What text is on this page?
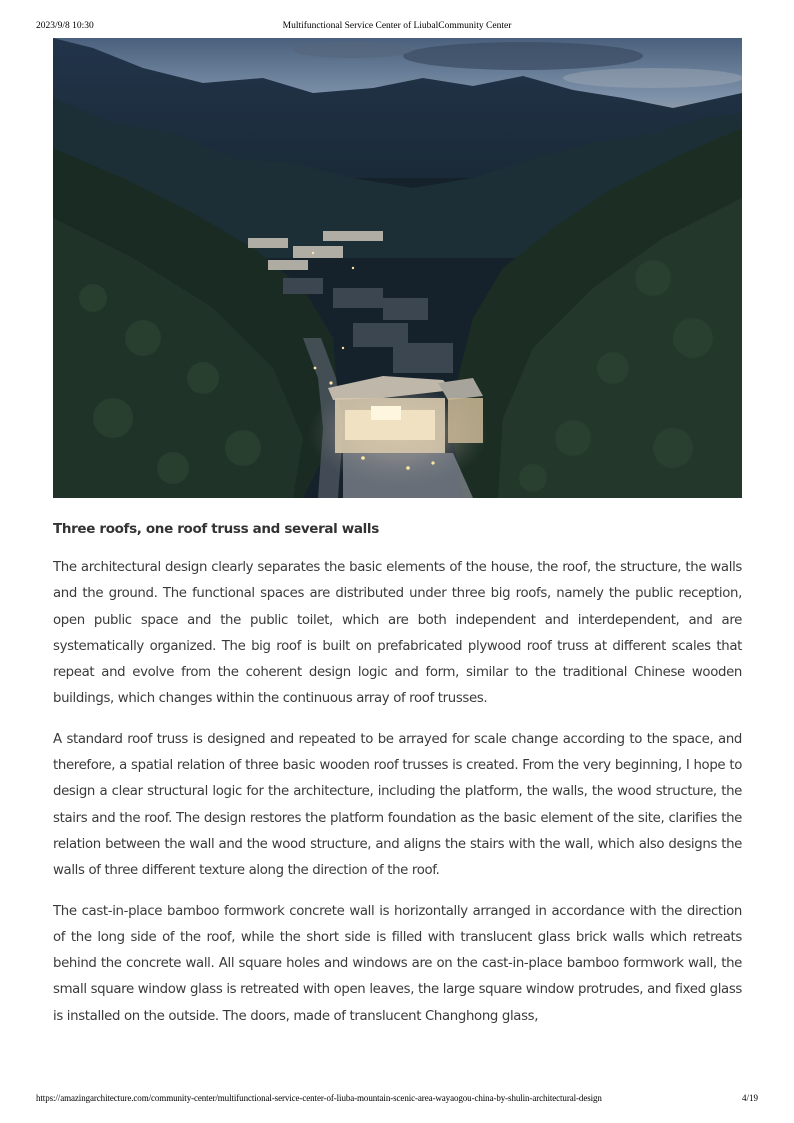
2023/9/8 10:30	Multifunctional Service Center of LiubalCommunity Center
Three roofs, one roof truss and several walls

The architectural design clearly separates the basic elements of the house, the roof, the structure, the walls and the ground. The functional spaces are distributed under three big roofs, namely the public reception, open public space and the public toilet, which are both independent and interdependent, and are systematically organized. The big roof is built on prefabricated plywood roof truss at different scales that repeat and evolve from the coherent design logic and form, similar to the traditional Chinese wooden buildings, which changes within the continuous array of roof trusses.

A standard roof truss is designed and repeated to be arrayed for scale change according to the space, and therefore, a spatial relation of three basic wooden roof trusses is created. From the very beginning, I hope to design a clear structural logic for the architecture, including the platform, the walls, the wood structure, the stairs and the roof. The design restores the platform foundation as the basic element of the site, clarifies the relation between the wall and the wood structure, and aligns the stairs with the wall, which also designs the walls of three different texture along the direction of the roof.

The cast-in-place bamboo formwork concrete wall is horizontally arranged in accordance with the direction of the long side of the roof, while the short side is filled with translucent glass brick walls which retreats behind the concrete wall. All square holes and windows are on the cast-in-place bamboo formwork wall, the small square window glass is retreated with open leaves, the large square window protrudes, and fixed glass is installed on the outside. The doors, made of translucent Changhong glass,

https://amazingarchitecture.com/community-center/multifunctional-service-center-of-liuba-mountain-scenic-area-wayaogou-china-by-shulin-architectural-design	4/19
